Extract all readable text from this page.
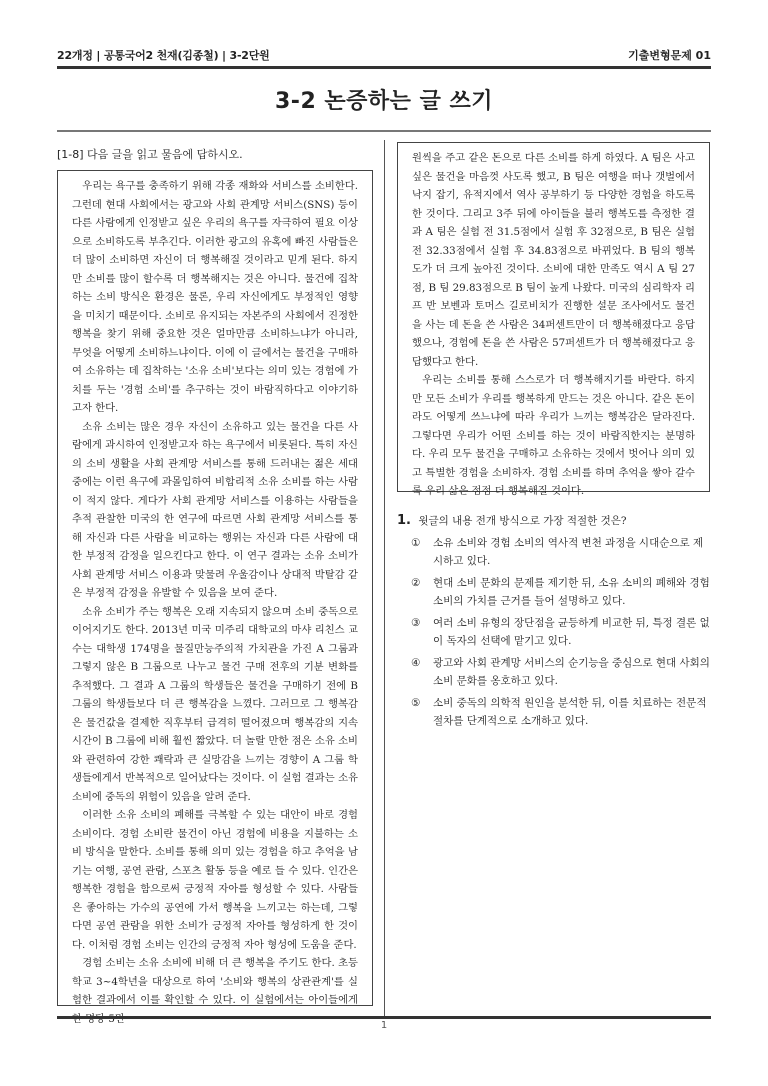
22개정 | 공통국어2 천재(김종철) | 3-2단원	기출변형문제 01
3-2 논증하는 글 쓰기
[1-8] 다음 글을 읽고 물음에 답하시오.

우리는 욕구를 충족하기 위해 각종 재화와 서비스를 소비한다. 그런데 현대 사회에서는 광고와 사회 관계망 서비스(SNS) 등이 다른 사람에게 인정받고 싶은 우리의 욕구를 자극하여 필요 이상으로 소비하도록 부추긴다. 이러한 광고의 유혹에 빠진 사람들은 더 많이 소비하면 자신이 더 행복해질 것이라고 믿게 된다. 하지만 소비를 많이 할수록 더 행복해지는 것은 아니다. 물건에 집착하는 소비 방식은 환경은 물론, 우리 자신에게도 부정적인 영향을 미치기 때문이다. 소비로 유지되는 자본주의 사회에서 진정한 행복을 찾기 위해 중요한 것은 얼마만큼 소비하느냐가 아니라, 무엇을 어떻게 소비하느냐이다. 이에 이 글에서는 물건을 구매하여 소유하는 데 집착하는 '소유 소비'보다는 의미 있는 경험에 가치를 두는 '경험 소비'를 추구하는 것이 바람직하다고 이야기하고자 한다.

소유 소비는 많은 경우 자신이 소유하고 있는 물건을 다른 사람에게 과시하여 인정받고자 하는 욕구에서 비롯된다. 특히 자신의 소비 생활을 사회 관계망 서비스를 통해 드러내는 젊은 세대 중에는 이런 욕구에 과몰입하여 비합리적 소유 소비를 하는 사람이 적지 않다. 게다가 사회 관계망 서비스를 이용하는 사람들을 추적 관찰한 미국의 한 연구에 따르면 사회 관계망 서비스를 통해 자신과 다른 사람을 비교하는 행위는 자신과 다른 사람에 대한 부정적 감정을 일으킨다고 한다. 이 연구 결과는 소유 소비가 사회 관계망 서비스 이용과 맞물려 우울감이나 상대적 박탈감 같은 부정적 감정을 유발할 수 있음을 보여 준다.

소유 소비가 주는 행복은 오래 지속되지 않으며 소비 중독으로 이어지기도 한다. 2013년 미국 미주리 대학교의 마샤 리친스 교수는 대학생 174명을 물질만능주의적 가치관을 가진 A 그룹과 그렇지 않은 B 그룹으로 나누고 물건 구매 전후의 기분 변화를 추적했다. 그 결과 A 그룹의 학생들은 물건을 구매하기 전에 B 그룹의 학생들보다 더 큰 행복감을 느꼈다. 그러므로 그 행복감은 물건값을 결제한 직후부터 급격히 떨어졌으며 행복감의 지속 시간이 B 그룹에 비해 훨씬 짧았다. 더 놀랄 만한 점은 소유 소비와 관련하여 강한 쾌락과 큰 실망감을 느끼는 경향이 A 그룹 학생들에게서 반복적으로 일어났다는 것이다. 이 실험 결과는 소유 소비에 중독의 위험이 있음을 알려 준다.

이러한 소유 소비의 폐해를 극복할 수 있는 대안이 바로 경험 소비이다. 경험 소비란 물건이 아닌 경험에 비용을 지불하는 소비 방식을 말한다. 소비를 통해 의미 있는 경험을 하고 추억을 남기는 여행, 공연 관람, 스포츠 활동 등을 예로 들 수 있다. 인간은 행복한 경험을 함으로써 긍정적 자아를 형성할 수 있다. 사람들은 좋아하는 가수의 공연에 가서 행복을 느끼고는 하는데, 그렇다면 공연 관람을 위한 소비가 긍정적 자아를 형성하게 한 것이다. 이처럼 경험 소비는 인간의 긍정적 자아 형성에 도움을 준다.

경험 소비는 소유 소비에 비해 더 큰 행복을 주기도 한다. 초등학교 3~4학년을 대상으로 하여 '소비와 행복의 상관관계'를 실험한 결과에서 이를 확인할 수 있다. 이 실험에서는 아이들에게 한 명당 5만

원씩을 주고 같은 돈으로 다른 소비를 하게 하였다. A 팀은 사고 싶은 물건을 마음껏 사도록 했고, B 팀은 여행을 떠나 갯벌에서 낙지 잡기, 유적지에서 역사 공부하기 등 다양한 경험을 하도록 한 것이다. 그리고 3주 뒤에 아이들을 불러 행복도를 측정한 결과 A 팀은 실험 전 31.5점에서 실험 후 32점으로, B 팀은 실험 전 32.33점에서 실험 후 34.83점으로 바뀌었다. B 팀의 행복도가 더 크게 높아진 것이다. 소비에 대한 만족도 역시 A 팀 27점, B 팀 29.83점으로 B 팀이 높게 나왔다. 미국의 심리학자 리프 반 보벤과 토머스 길로비치가 진행한 설문 조사에서도 물건을 사는 데 돈을 쓴 사람은 34퍼센트만이 더 행복해졌다고 응답했으나, 경험에 돈을 쓴 사람은 57퍼센트가 더 행복해졌다고 응답했다고 한다.

우리는 소비를 통해 스스로가 더 행복해지기를 바란다. 하지만 모든 소비가 우리를 행복하게 만드는 것은 아니다. 같은 돈이라도 어떻게 쓰느냐에 따라 우리가 느끼는 행복감은 달라진다. 그렇다면 우리가 어떤 소비를 하는 것이 바람직한지는 분명하다. 우리 모두 물건을 구매하고 소유하는 것에서 벗어나 의미 있고 특별한 경험을 소비하자. 경험 소비를 하며 추억을 쌓아 갈수록 우리 삶은 점점 더 행복해질 것이다.

1. 윗글의 내용 전개 방식으로 가장 적절한 것은?

①	소유 소비와 경험 소비의 역사적 변천 과정을 시대순으로 제시하고 있다.
②	현대 소비 문화의 문제를 제기한 뒤, 소유 소비의 폐해와 경험 소비의 가치를 근거를 들어 설명하고 있다.
③	여러 소비 유형의 장단점을 균등하게 비교한 뒤, 특정 결론 없이 독자의 선택에 맡기고 있다.
④	광고와 사회 관계망 서비스의 순기능을 중심으로 현대 사회의 소비 문화를 옹호하고 있다.
⑤	소비 중독의 의학적 원인을 분석한 뒤, 이를 치료하는 전문적 절차를 단계적으로 소개하고 있다.
1
